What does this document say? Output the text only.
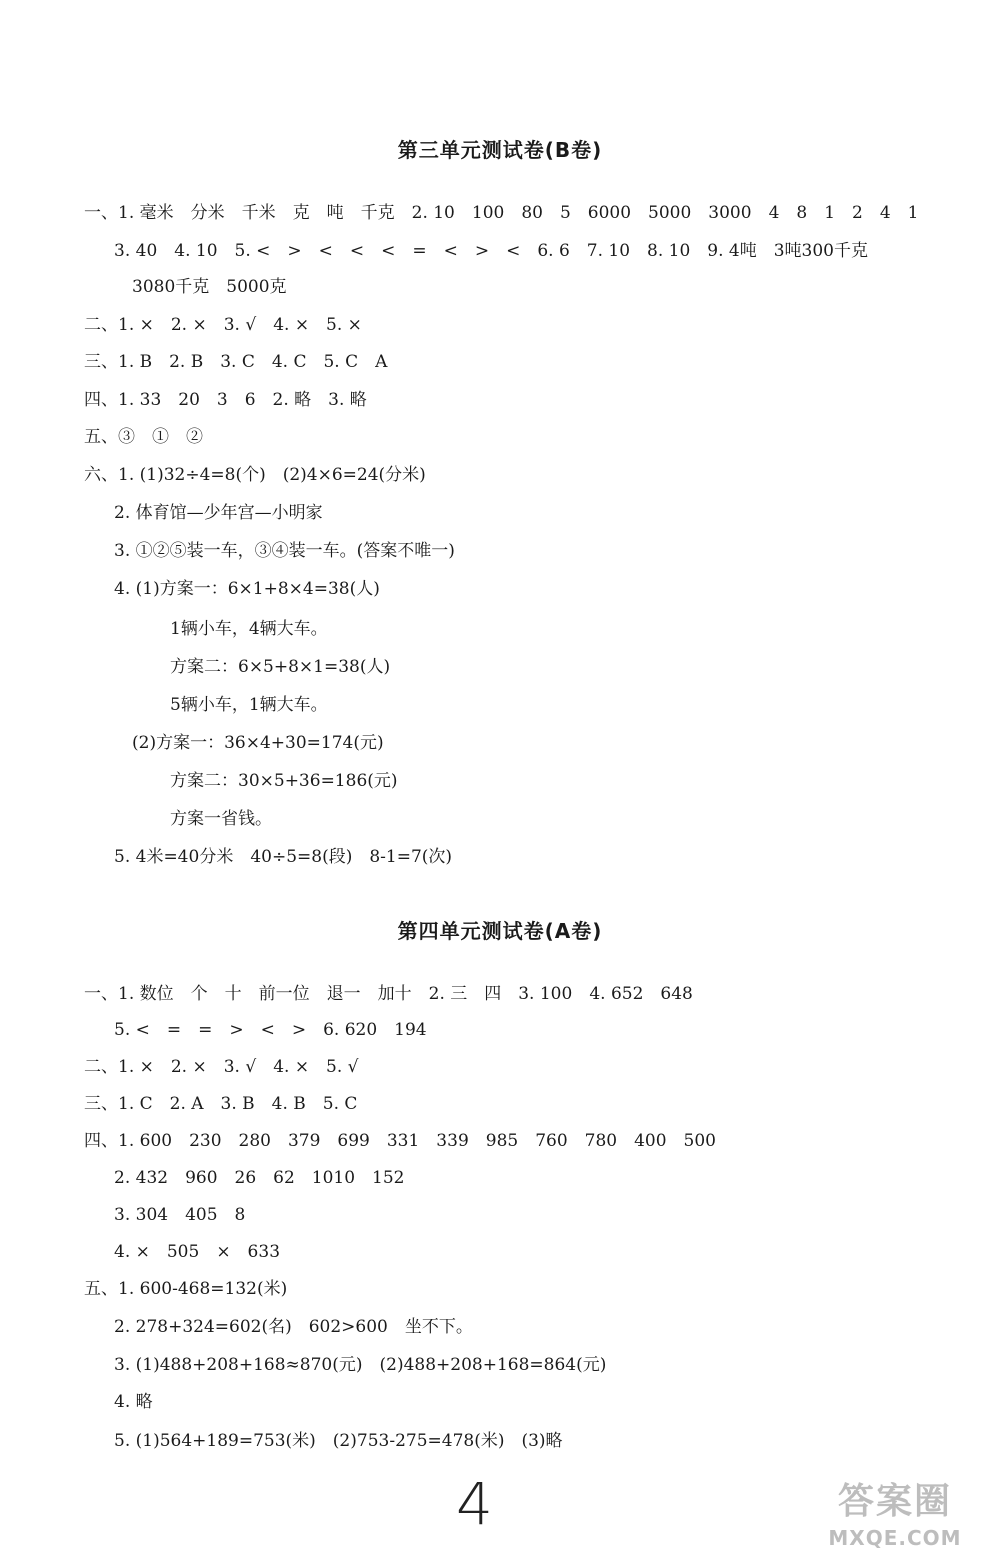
第三单元测试卷(B卷)
一、1. 毫米　分米　千米　克　吨　千克　2. 10　100　80　5　6000　5000　3000　4　8　1　2　4　1
3. 40　4. 10　5. <　>　<　<　<　=　<　>　<　6. 6　7. 10　8. 10　9. 4吨　3吨300千克
3080千克　5000克
二、1. ×　2. ×　3. √　4. ×　5. ×
三、1. B　2. B　3. C　4. C　5. C　A
四、1. 33　20　3　6　2. 略　3. 略
五、③　①　②
六、1. (1)32÷4=8(个)　(2)4×6=24(分米)
2. 体育馆—少年宫—小明家
3. ①②⑤装一车，③④装一车。(答案不唯一)
4. (1)方案一：6×1+8×4=38(人)
1辆小车，4辆大车。
方案二：6×5+8×1=38(人)
5辆小车，1辆大车。
(2)方案一：36×4+30=174(元)
方案二：30×5+36=186(元)
方案一省钱。
5. 4米=40分米　40÷5=8(段)　8-1=7(次)
第四单元测试卷(A卷)
一、1. 数位　个　十　前一位　退一　加十　2. 三　四　3. 100　4. 652　648
5. <　=　=　>　<　>　6. 620　194
二、1. ×　2. ×　3. √　4. ×　5. √
三、1. C　2. A　3. B　4. B　5. C
四、1. 600　230　280　379　699　331　339　985　760　780　400　500
2. 432　960　26　62　1010　152
3. 304　405　8
4. ×　505　×　633
五、1. 600-468=132(米)
2. 278+324=602(名)　602>600　坐不下。
3. (1)488+208+168≈870(元)　(2)488+208+168=864(元)
4. 略
5. (1)564+189=753(米)　(2)753-275=478(米)　(3)略
4	答案圈
MXQE.COM
